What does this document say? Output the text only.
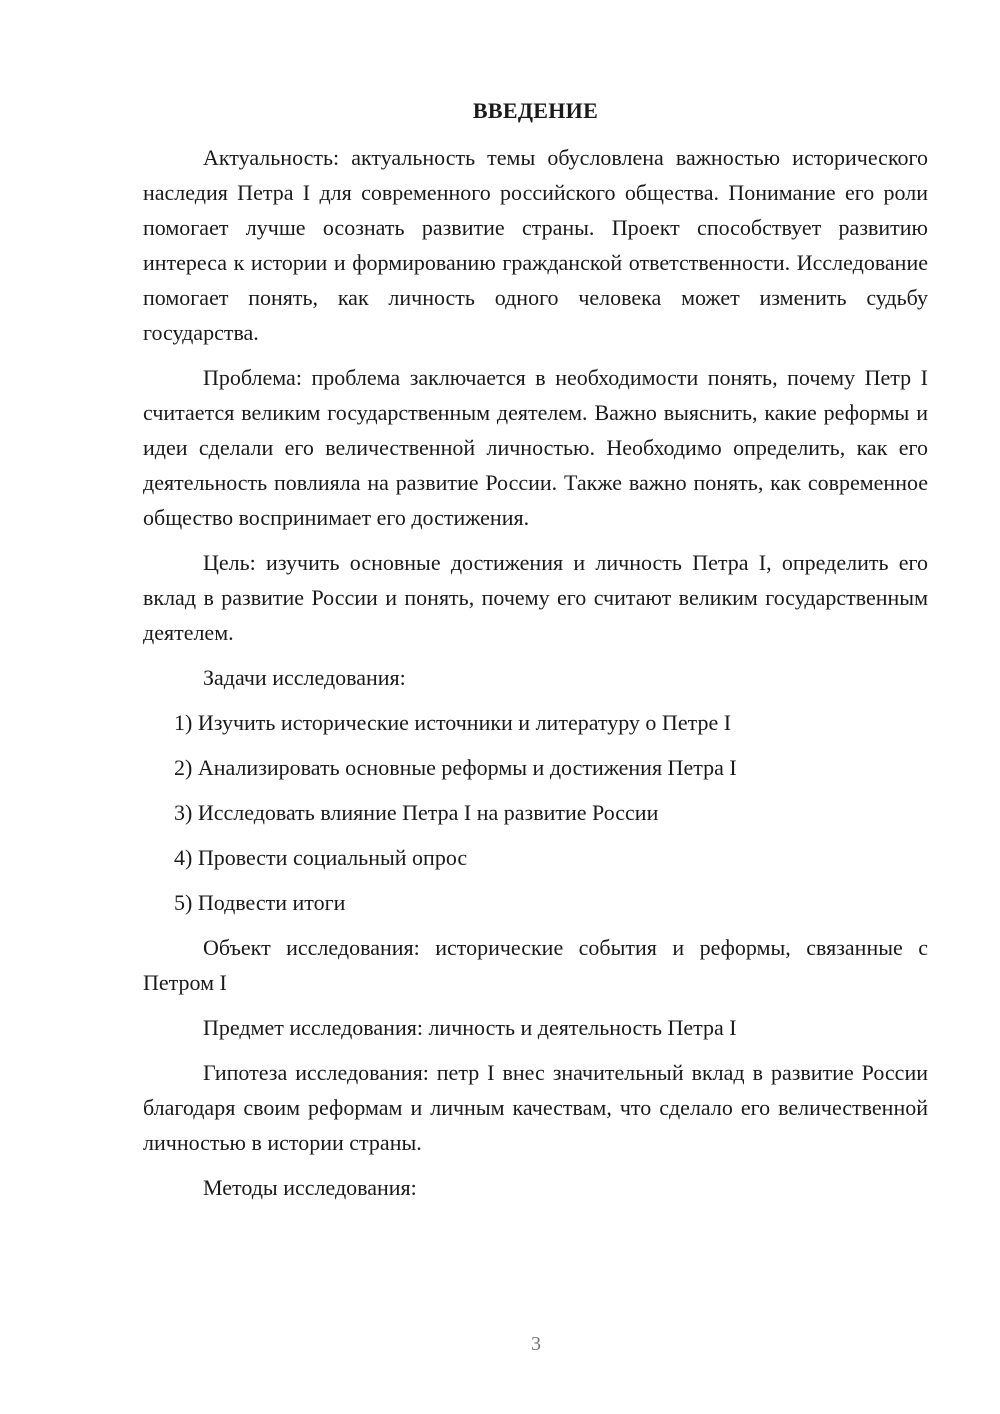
ВВЕДЕНИЕ

Актуальность: актуальность темы обусловлена важностью исторического наследия Петра I для современного российского общества. Понимание его роли помогает лучше осознать развитие страны. Проект способствует развитию интереса к истории и формированию гражданской ответственности. Исследование помогает понять, как личность одного человека может изменить судьбу государства.

Проблема: проблема заключается в необходимости понять, почему Петр I считается великим государственным деятелем. Важно выяснить, какие реформы и идеи сделали его величественной личностью. Необходимо определить, как его деятельность повлияла на развитие России. Также важно понять, как современное общество воспринимает его достижения.

Цель: изучить основные достижения и личность Петра I, определить его вклад в развитие России и понять, почему его считают великим государственным деятелем.

Задачи исследования:
1) Изучить исторические источники и литературу о Петре I
2) Анализировать основные реформы и достижения Петра I
3) Исследовать влияние Петра I на развитие России
4) Провести социальный опрос
5) Подвести итоги

Объект исследования: исторические события и реформы, связанные с Петром I

Предмет исследования: личность и деятельность Петра I

Гипотеза исследования: петр I внес значительный вклад в развитие России благодаря своим реформам и личным качествам, что сделало его величественной личностью в истории страны.

Методы исследования:
3
